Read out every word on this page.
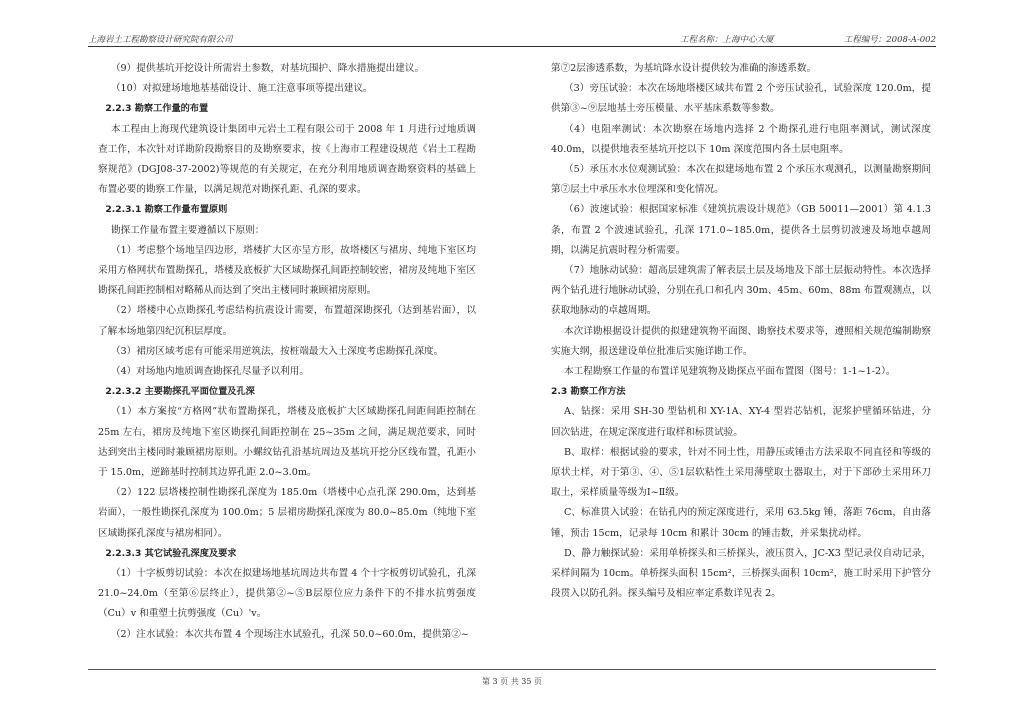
上海岩土工程勘察设计研究院有限公司	工程名称：上海中心大厦	工程编号：2008-A-002

（9）提供基坑开挖设计所需岩土参数，对基坑围护、降水措施提出建议。

（10）对拟建场地地基基础设计、施工注意事项等提出建议。

2.2.3 勘察工作量的布置

本工程由上海现代建筑设计集团申元岩土工程有限公司于 2008 年 1 月进行过地质调查工作，本次针对详勘阶段勘察目的及勘察要求，按《上海市工程建设规范《岩土工程勘察规范》(DGJ08-37-2002)等规范的有关规定，在充分利用地质调查勘察资料的基础上布置必要的勘察工作量，以满足规范对勘探孔距、孔深的要求。

2.2.3.1 勘察工作量布置原则

勘探工作量布置主要遵循以下原则：

（1）考虑整个场地呈四边形，塔楼扩大区亦呈方形，故塔楼区与裙房、纯地下室区均采用方格网状布置勘探孔，塔楼及底板扩大区域勘探孔间距控制较密，裙房及纯地下室区勘探孔间距控制相对略稀从而达到了突出主楼同时兼顾裙房原则。

（2）塔楼中心点勘探孔考虑结构抗震设计需要，布置超深勘探孔（达到基岩面），以了解本场地第四纪沉积层厚度。

（3）裙房区域考虑有可能采用逆筑法，按桩端最大入土深度考虑勘探孔深度。

（4）对场地内地质调查勘探孔尽量予以利用。

2.2.3.2 主要勘探孔平面位置及孔深

（1）本方案按“方格网”状布置勘探孔，塔楼及底板扩大区域勘探孔间距间距控制在 25m 左右，裙房及纯地下室区勘探孔间距控制在 25~35m 之间，满足规范要求，同时达到突出主楼同时兼顾裙房原则。小螺纹钻孔沿基坑周边及基坑开挖分区线布置，孔距小于 15.0m，逆蹄基时控制其边界孔距 2.0~3.0m。

（2）122 层塔楼控制性勘探孔深度为 185.0m（塔楼中心点孔深 290.0m，达到基岩面），一般性勘探孔深度为 100.0m；5 层裙房勘探孔深度为 80.0~85.0m（纯地下室区域勘探孔深度与裙房相同）。

2.2.3.3 其它试验孔深度及要求

（1）十字板剪切试验：本次在拟建场地基坑周边共布置 4 个十字板剪切试验孔，孔深 21.0~24.0m（至第⑥层终止），提供第②~⑤B层原位应力条件下的不排水抗剪强度（Cu）v 和重塑土抗剪强度（Cu）'v。

（2）注水试验：本次共布置 4 个现场注水试验孔，孔深 50.0~60.0m，提供第②~

第⑦2层渗透系数，为基坑降水设计提供较为准确的渗透系数。

（3）旁压试验：本次在场地塔楼区域共布置 2 个旁压试验孔，试验深度 120.0m，提供第③~⑨层地基土旁压模量、水平基床系数等参数。

（4）电阻率测试：本次勘察在场地内选择 2 个勘探孔进行电阻率测试，测试深度 40.0m，以提供地表至基坑开挖以下 10m 深度范围内各土层电阻率。

（5）承压水水位观测试验：本次在拟建场地布置 2 个承压水观测孔，以测量勘察期间第⑦层土中承压水水位埋深和变化情况。

（6）波速试验：根据国家标准《建筑抗震设计规范》（GB 50011—2001）第 4.1.3 条，布置 2 个波速试验孔，孔深 171.0~185.0m，提供各土层剪切波速及场地卓越周期，以满足抗震时程分析需要。

（7）地脉动试验：超高层建筑需了解表层土层及场地及下部土层振动特性。本次选择两个钻孔进行地脉动试验，分别在孔口和孔内 30m、45m、60m、88m 布置观测点，以获取地脉动的卓越周期。

本次详勘根据设计提供的拟建建筑物平面图、勘察技术要求等，遵照相关规范编制勘察实施大纲，报送建设单位批准后实施详勘工作。

本工程勘察工作量的布置详见建筑物及勘探点平面布置图（图号：1-1~1-2）。

2.3 勘察工作方法

A、钻探：采用 SH-30 型钻机和 XY-1A、XY-4 型岩芯钻机，泥浆护壁循环钻进，分回次钻进，在规定深度进行取样和标贯试验。

B、取样：根据试验的要求，针对不同土性，用静压或锤击方法采取不同直径和等级的原状土样，对于第③、④、⑤1层软粘性土采用薄壁取土器取土，对于下部砂土采用环刀取土，采样质量等级为Ⅰ~Ⅱ级。

C、标准贯入试验：在钻孔内的预定深度进行，采用 63.5kg 锤，落距 76cm，自由落锤，预击 15cm，记录每 10cm 和累计 30cm 的锤击数，并采集扰动样。

D、静力触探试验：采用单桥探头和三桥探头，液压贯入，JC-X3 型记录仪自动记录，采样间隔为 10cm。单桥探头面积 15cm²，三桥探头面积 10cm²，施工时采用下护管分段贯入以防孔斜。探头编号及相应率定系数详见表 2。

第 3 页 共 35 页
